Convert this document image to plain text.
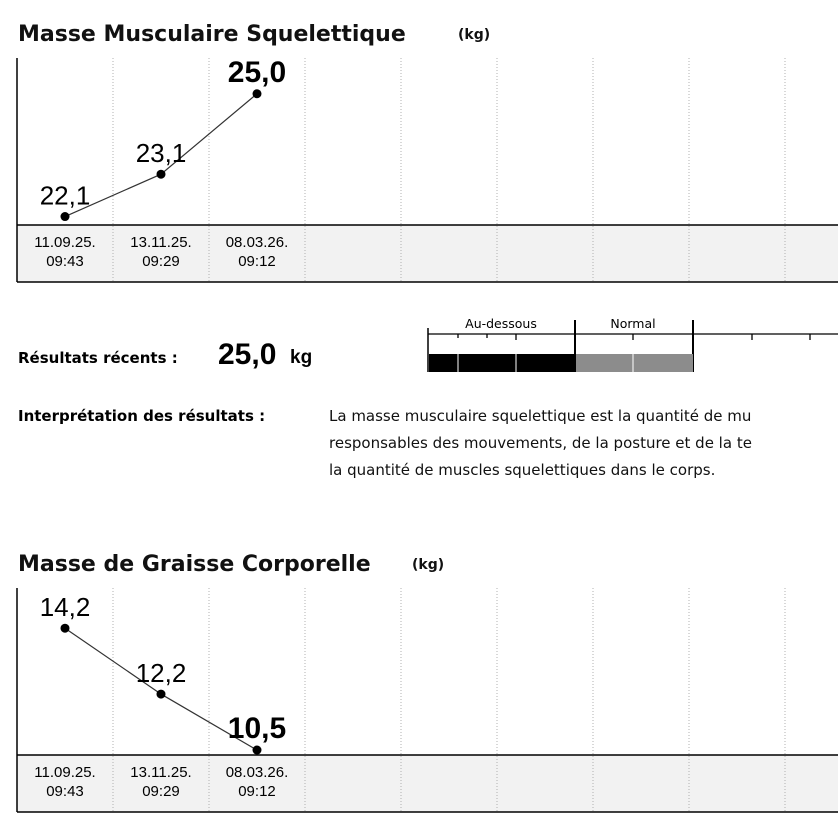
Masse Musculaire Squelettique	(kg)
22,1
23,1
25,0
11.09.25.
09:43
13.11.25.
09:29
08.03.26.
09:12
Résultats récents : 25,0 kg
Au-dessous	Normal
Interprétation des résultats :	La masse musculaire squelettique est la quantité de mu
responsables des mouvements, de la posture et de la te
la quantité de muscles squelettiques dans le corps.
Masse de Graisse Corporelle	(kg)
14,2
12,2
10,5
11.09.25.
09:43
13.11.25.
09:29
08.03.26.
09:12
